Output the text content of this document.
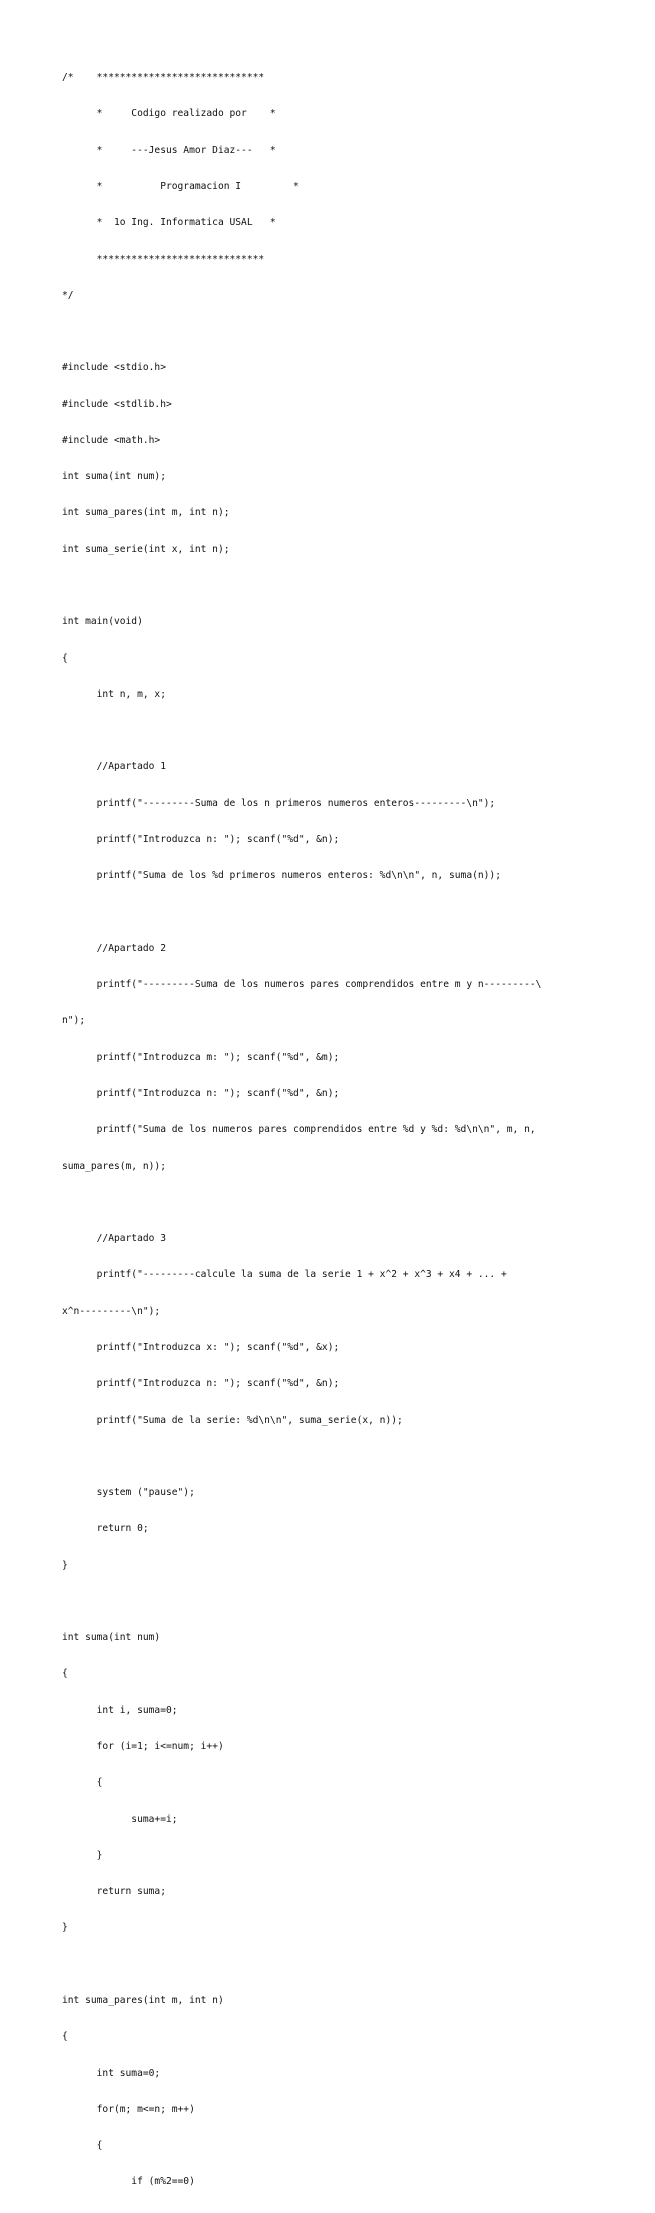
/*    *****************************

*     Codigo realizado por    *

*     ---Jesus Amor Diaz---   *

*          Programacion I         *

*  1o Ing. Informatica USAL   *

*****************************

*/

#include <stdio.h>

#include <stdlib.h>

#include <math.h>

int suma(int num);

int suma_pares(int m, int n);

int suma_serie(int x, int n);

int main(void)

{

int n, m, x;

//Apartado 1

printf("---------Suma de los n primeros numeros enteros---------\n");

printf("Introduzca n: "); scanf("%d", &n);

printf("Suma de los %d primeros numeros enteros: %d\n\n", n, suma(n));

//Apartado 2

printf("---------Suma de los numeros pares comprendidos entre m y n---------\

n");

printf("Introduzca m: "); scanf("%d", &m);

printf("Introduzca n: "); scanf("%d", &n);

printf("Suma de los numeros pares comprendidos entre %d y %d: %d\n\n", m, n,

suma_pares(m, n));

//Apartado 3

printf("---------calcule la suma de la serie 1 + x^2 + x^3 + x4 + ... +

x^n---------\n");

printf("Introduzca x: "); scanf("%d", &x);

printf("Introduzca n: "); scanf("%d", &n);

printf("Suma de la serie: %d\n\n", suma_serie(x, n));

system ("pause");

return 0;

}

int suma(int num)

{

int i, suma=0;

for (i=1; i<=num; i++)

{

suma+=i;

}

return suma;

}

int suma_pares(int m, int n)

{

int suma=0;

for(m; m<=n; m++)

{

if (m%2==0)
